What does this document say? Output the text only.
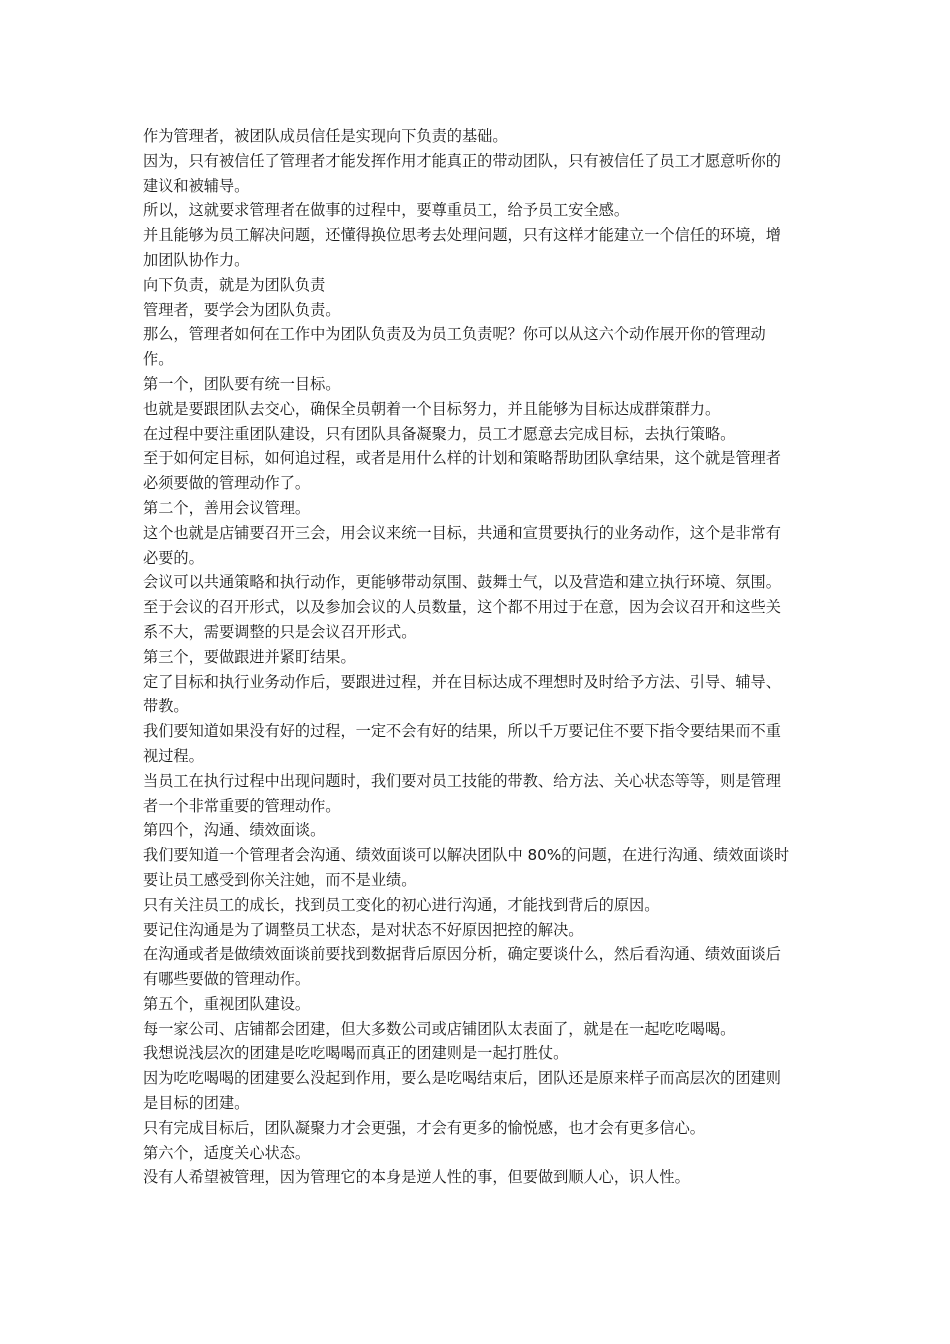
作为管理者，被团队成员信任是实现向下负责的基础。

因为，只有被信任了管理者才能发挥作用才能真正的带动团队，只有被信任了员工才愿意听你的建议和被辅导。

所以，这就要求管理者在做事的过程中，要尊重员工，给予员工安全感。

并且能够为员工解决问题，还懂得换位思考去处理问题，只有这样才能建立一个信任的环境，增加团队协作力。

向下负责，就是为团队负责

管理者，要学会为团队负责。

那么，管理者如何在工作中为团队负责及为员工负责呢？你可以从这六个动作展开你的管理动作。

第一个，团队要有统一目标。

也就是要跟团队去交心，确保全员朝着一个目标努力，并且能够为目标达成群策群力。

在过程中要注重团队建设，只有团队具备凝聚力，员工才愿意去完成目标，去执行策略。

至于如何定目标，如何追过程，或者是用什么样的计划和策略帮助团队拿结果，这个就是管理者必须要做的管理动作了。

第二个，善用会议管理。

这个也就是店铺要召开三会，用会议来统一目标，共通和宣贯要执行的业务动作，这个是非常有必要的。

会议可以共通策略和执行动作，更能够带动氛围、鼓舞士气，以及营造和建立执行环境、氛围。

至于会议的召开形式，以及参加会议的人员数量，这个都不用过于在意，因为会议召开和这些关系不大，需要调整的只是会议召开形式。

第三个，要做跟进并紧盯结果。

定了目标和执行业务动作后，要跟进过程，并在目标达成不理想时及时给予方法、引导、辅导、带教。

我们要知道如果没有好的过程，一定不会有好的结果，所以千万要记住不要下指令要结果而不重视过程。

当员工在执行过程中出现问题时，我们要对员工技能的带教、给方法、关心状态等等，则是管理者一个非常重要的管理动作。

第四个，沟通、绩效面谈。

我们要知道一个管理者会沟通、绩效面谈可以解决团队中 80%的问题，在进行沟通、绩效面谈时要让员工感受到你关注她，而不是业绩。

只有关注员工的成长，找到员工变化的初心进行沟通，才能找到背后的原因。

要记住沟通是为了调整员工状态，是对状态不好原因把控的解决。

在沟通或者是做绩效面谈前要找到数据背后原因分析，确定要谈什么，然后看沟通、绩效面谈后有哪些要做的管理动作。

第五个，重视团队建设。

每一家公司、店铺都会团建，但大多数公司或店铺团队太表面了，就是在一起吃吃喝喝。

我想说浅层次的团建是吃吃喝喝而真正的团建则是一起打胜仗。

因为吃吃喝喝的团建要么没起到作用，要么是吃喝结束后，团队还是原来样子而高层次的团建则是目标的团建。

只有完成目标后，团队凝聚力才会更强，才会有更多的愉悦感，也才会有更多信心。

第六个，适度关心状态。

没有人希望被管理，因为管理它的本身是逆人性的事，但要做到顺人心，识人性。
